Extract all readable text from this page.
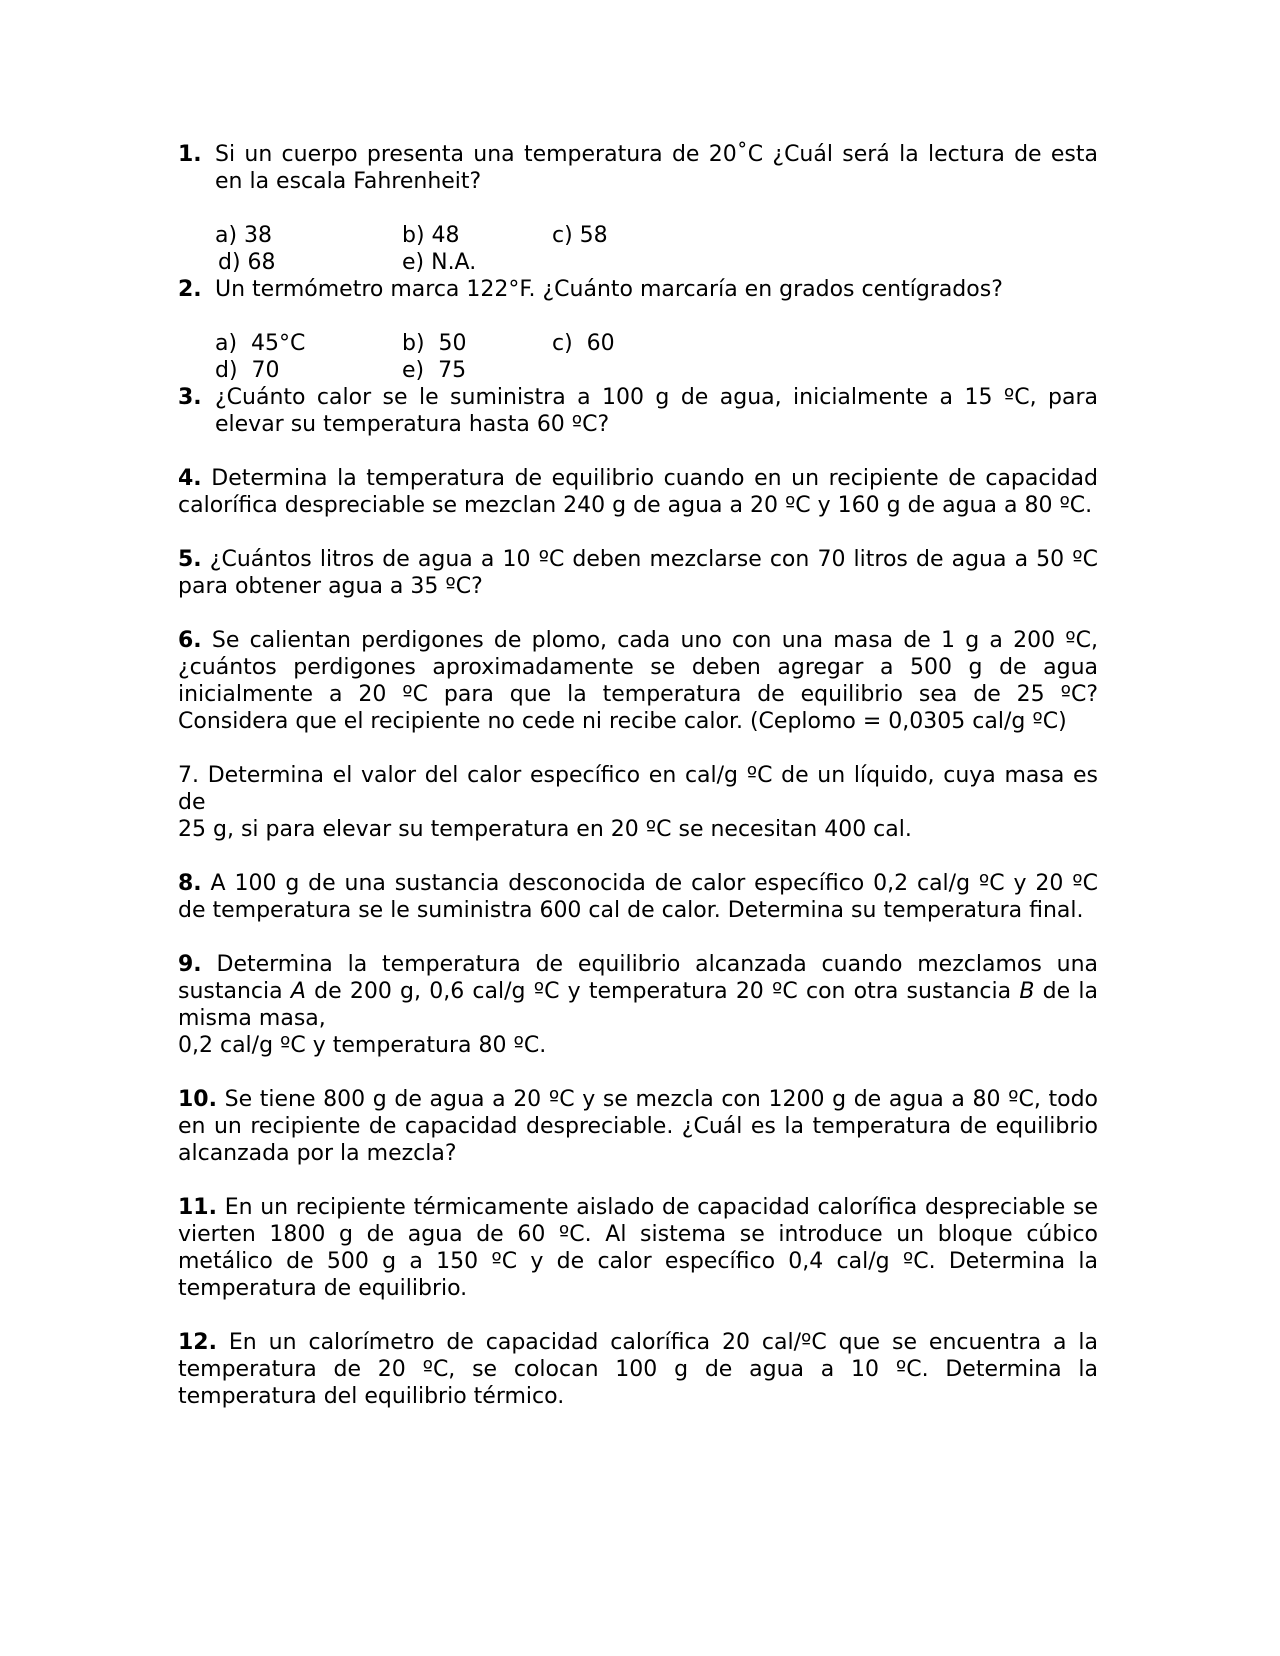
1. Si un cuerpo presenta una temperatura de 20˚C ¿Cuál será la lectura de esta en la escala Fahrenheit?
a) 38	b) 48	c) 58
d) 68	e) N.A.
2. Un termómetro marca 122°F. ¿Cuánto marcaría en grados centígrados?
a)  45°C	b)  50	c)  60
d)  70	e)  75
3. ¿Cuánto calor se le suministra a 100 g de agua, inicialmente a 15 ºC, para elevar su temperatura hasta 60 ºC?
4. Determina la temperatura de equilibrio cuando en un recipiente de capacidad calorífica despreciable se mezclan 240 g de agua a 20 ºC y 160 g de agua a 80 ºC.
5. ¿Cuántos litros de agua a 10 ºC deben mezclarse con 70 litros de agua a 50 ºC para obtener agua a 35 ºC?
6. Se calientan perdigones de plomo, cada uno con una masa de 1 g a 200 ºC, ¿cuántos perdigones aproximadamente se deben agregar a 500 g de agua inicialmente a 20 ºC para que la temperatura de equilibrio sea de 25 ºC? Considera que el recipiente no cede ni recibe calor. (Ceplomo = 0,0305 cal/g ºC)
7. Determina el valor del calor específico en cal/g ºC de un líquido, cuya masa es de
25 g, si para elevar su temperatura en 20 ºC se necesitan 400 cal.
8. A 100 g de una sustancia desconocida de calor específico 0,2 cal/g ºC y 20 ºC de temperatura se le suministra 600 cal de calor. Determina su temperatura final.
9. Determina la temperatura de equilibrio alcanzada cuando mezclamos una sustancia A de 200 g, 0,6 cal/g ºC y temperatura 20 ºC con otra sustancia B de la misma masa,
0,2 cal/g ºC y temperatura 80 ºC.
10. Se tiene 800 g de agua a 20 ºC y se mezcla con 1200 g de agua a 80 ºC, todo en un recipiente de capacidad despreciable. ¿Cuál es la temperatura de equilibrio alcanzada por la mezcla?
11. En un recipiente térmicamente aislado de capacidad calorífica despreciable se vierten 1800 g de agua de 60 ºC. Al sistema se introduce un bloque cúbico metálico de 500 g a 150 ºC y de calor específico 0,4 cal/g ºC. Determina la temperatura de equilibrio.
12. En un calorímetro de capacidad calorífica 20 cal/ºC que se encuentra a la temperatura de 20 ºC, se colocan 100 g de agua a 10 ºC. Determina la temperatura del equilibrio térmico.
